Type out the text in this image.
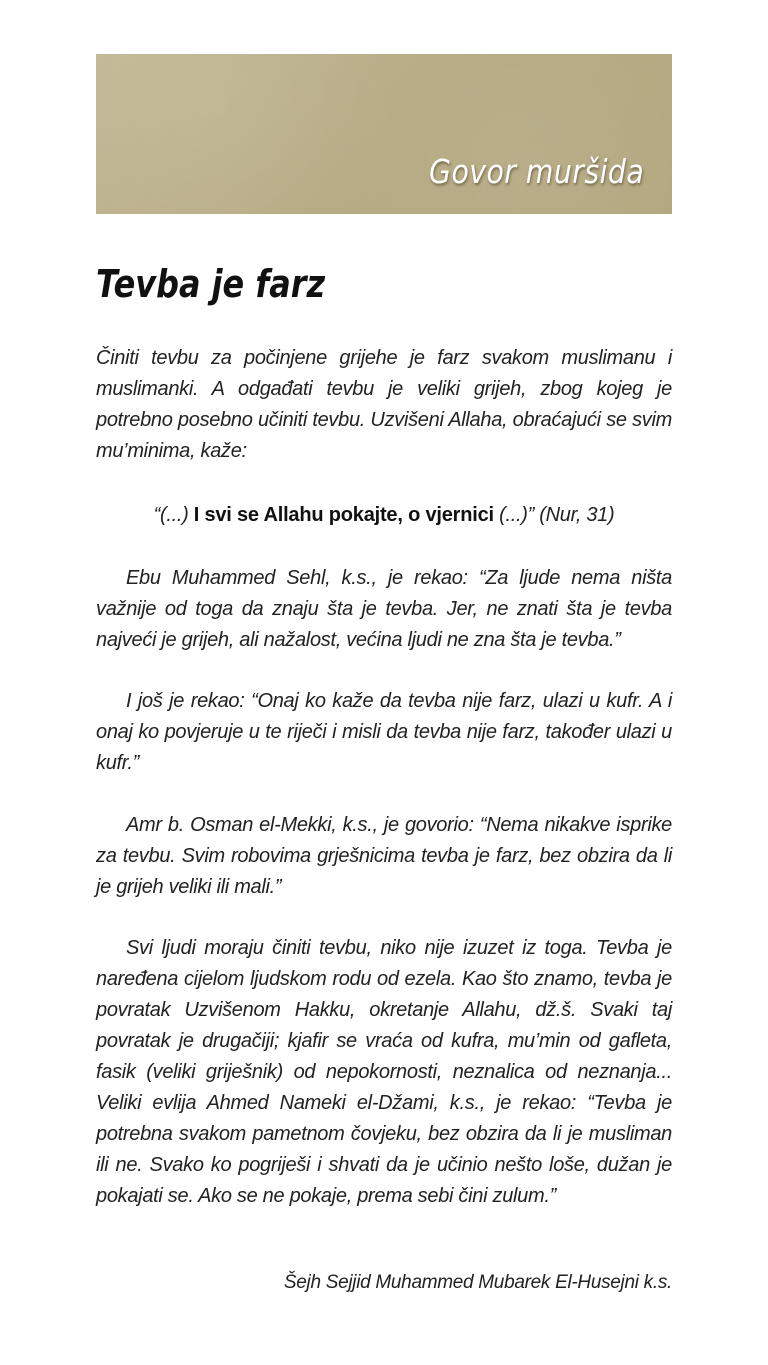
Govor muršida
Tevba je farz

Činiti tevbu za počinjene grijehe je farz svakom muslimanu i muslimanki. A odgađati tevbu je veliki grijeh, zbog kojeg je potrebno posebno učiniti tevbu. Uzvišeni Allaha, obraćajući se svim mu’minima, kaže:

“(...) I svi se Allahu pokajte, o vjernici (...)” (Nur, 31)

Ebu Muhammed Sehl, k.s., je rekao: “Za ljude nema ništa važnije od toga da znaju šta je tevba. Jer, ne znati šta je tevba najveći je grijeh, ali nažalost, većina ljudi ne zna šta je tevba.”

I još je rekao: “Onaj ko kaže da tevba nije farz, ulazi u kufr. A i onaj ko povjeruje u te riječi i misli da tevba nije farz, također ulazi u kufr.”

Amr b. Osman el-Mekki, k.s., je govorio: “Nema nikakve isprike za tevbu. Svim robovima grješnicima tevba je farz, bez obzira da li je grijeh veliki ili mali.”

Svi ljudi moraju činiti tevbu, niko nije izuzet iz toga. Tevba je naređena cijelom ljudskom rodu od ezela. Kao što znamo, tevba je povratak Uzvišenom Hakku, okretanje Allahu, dž.š. Svaki taj povratak je drugačiji; kjafir se vraća od kufra, mu’min od gafleta, fasik (veliki griješnik) od nepokornosti, neznalica od neznanja... Veliki evlija Ahmed Nameki el-Džami, k.s., je rekao: “Tevba je potrebna svakom pametnom čovjeku, bez obzira da li je musliman ili ne. Svako ko pogriješi i shvati da je učinio nešto loše, dužan je pokajati se. Ako se ne pokaje, prema sebi čini zulum.”

Šejh Sejjid Muhammed Mubarek El-Husejni k.s.
